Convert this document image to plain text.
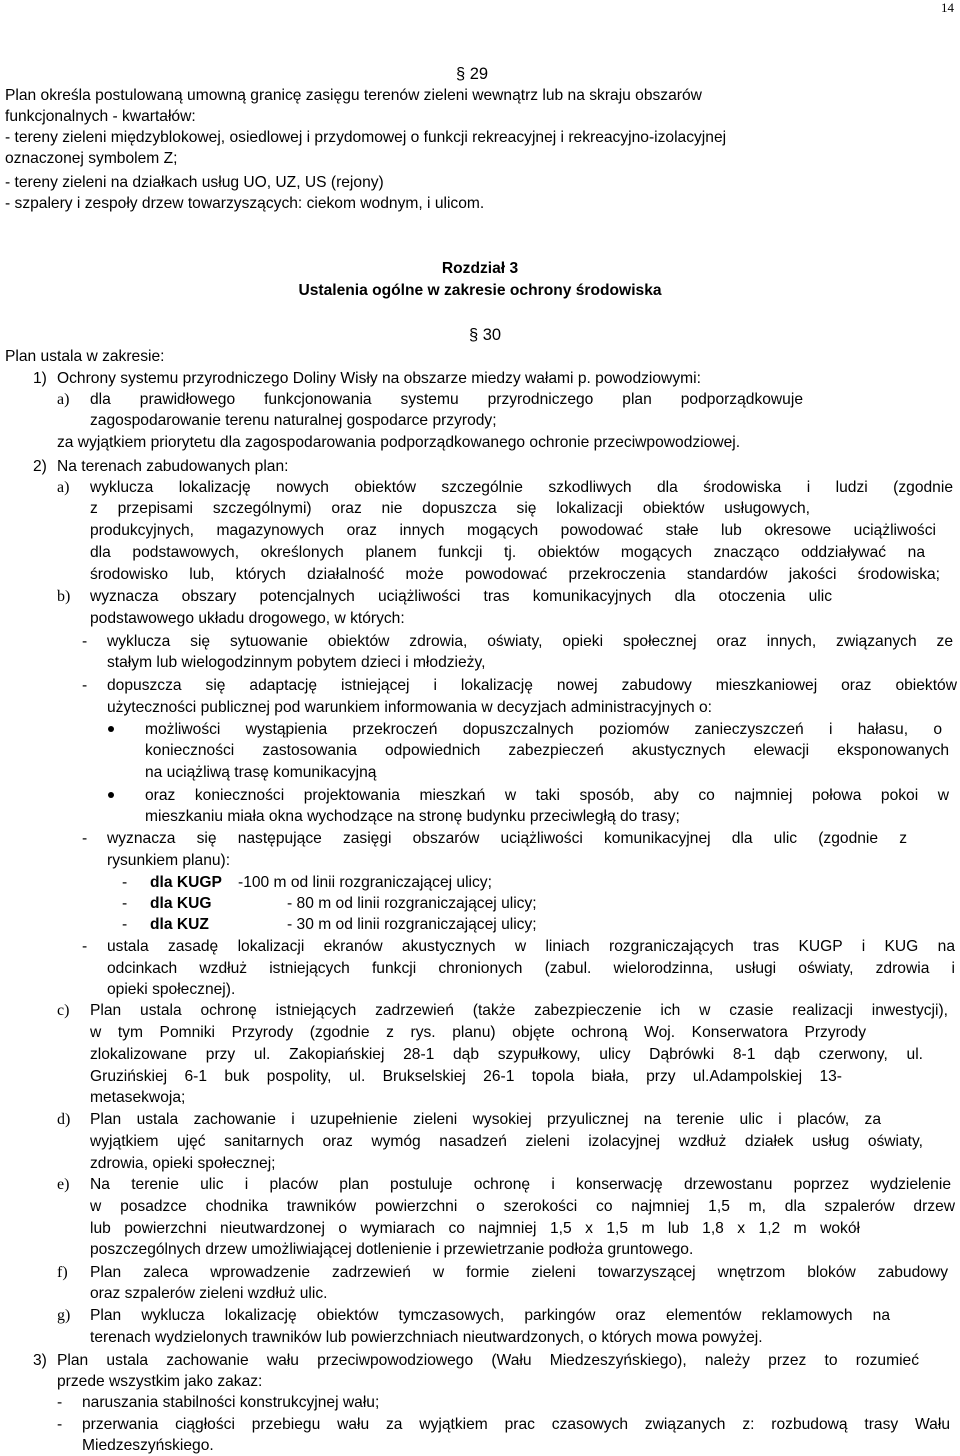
14
§ 29
Plan określa postulowaną umowną granicę zasięgu terenów zieleni wewnątrz lub na skraju obszarów
funkcjonalnych - kwartałów:
- tereny zieleni międzyblokowej, osiedlowej i przydomowej o funkcji rekreacyjnej i rekreacyjno-izolacyjnej
oznaczonej symbolem Z;
- tereny zieleni na działkach usług UO, UZ, US (rejony)
- szpalery i zespoły drzew towarzyszących: ciekom wodnym, i ulicom.
Rozdział 3
Ustalenia ogólne w zakresie ochrony środowiska
§ 30
Plan ustala w zakresie:
1) Ochrony systemu przyrodniczego Doliny Wisły na obszarze miedzy wałami p. powodziowymi:
a) dla prawidłowego funkcjonowania systemu przyrodniczego plan podporządkowuje
zagospodarowanie terenu naturalnej gospodarce przyrody;
za wyjątkiem priorytetu dla zagospodarowania podporządkowanego ochronie przeciwpowodziowej.
2) Na terenach zabudowanych plan:
a) wyklucza lokalizację nowych obiektów szczególnie szkodliwych dla środowiska i ludzi (zgodnie
z przepisami szczególnymi) oraz nie dopuszcza się lokalizacji obiektów usługowych,
produkcyjnych, magazynowych oraz innych mogących powodować stałe lub okresowe uciążliwości
dla podstawowych, określonych planem funkcji tj. obiektów mogących znacząco oddziaływać na
środowisko lub, których działalność może powodować przekroczenia standardów jakości środowiska;
b) wyznacza obszary potencjalnych uciążliwości tras komunikacyjnych dla otoczenia ulic
podstawowego układu drogowego, w których:
- wyklucza się sytuowanie obiektów zdrowia, oświaty, opieki społecznej oraz innych, związanych ze
stałym lub wielogodzinnym pobytem dzieci i młodzieży,
- dopuszcza się adaptację istniejącej i lokalizację nowej zabudowy mieszkaniowej oraz obiektów
użyteczności publicznej pod warunkiem informowania w decyzjach administracyjnych o:
możliwości wystąpienia przekroczeń dopuszczalnych poziomów zanieczyszczeń i hałasu, o
konieczności zastosowania odpowiednich zabezpieczeń akustycznych elewacji eksponowanych
na uciążliwą trasę komunikacyjną
oraz konieczności projektowania mieszkań w taki sposób, aby co najmniej połowa pokoi w
mieszkaniu miała okna wychodzące na stronę budynku przeciwległą do trasy;
- wyznacza się następujące zasięgi obszarów uciążliwości komunikacyjnej dla ulic (zgodnie z
rysunkiem planu):
- dla KUGP -100 m od linii rozgraniczającej ulicy;
- dla KUG	- 80 m od linii rozgraniczającej ulicy;
- dla KUZ	- 30 m od linii rozgraniczającej ulicy;
- ustala zasadę lokalizacji ekranów akustycznych w liniach rozgraniczających tras KUGP i KUG na
odcinkach wzdłuż istniejących funkcji chronionych (zabul. wielorodzinna, usługi oświaty, zdrowia i
opieki społecznej).
c) Plan ustala ochronę istniejących zadrzewień (także zabezpieczenie ich w czasie realizacji inwestycji),
w tym Pomniki Przyrody (zgodnie z rys. planu) objęte ochroną Woj. Konserwatora Przyrody
zlokalizowane przy ul. Zakopiańskiej 28-1 dąb szypułkowy, ulicy Dąbrówki 8-1 dąb czerwony, ul.
Gruzińskiej 6-1 buk pospolity, ul. Brukselskiej 26-1 topola biała, przy ul.Adampolskiej 13-
metasekwoja;
d) Plan ustala zachowanie i uzupełnienie zieleni wysokiej przyulicznej na terenie ulic i placów, za
wyjątkiem ujęć sanitarnych oraz wymóg nasadzeń zieleni izolacyjnej wzdłuż działek usług oświaty,
zdrowia, opieki społecznej;
e) Na terenie ulic i placów plan postuluje ochronę i konserwację drzewostanu poprzez wydzielenie
w posadzce chodnika trawników powierzchni o szerokości co najmniej 1,5 m, dla szpalerów drzew
lub powierzchni nieutwardzonej o wymiarach co najmniej 1,5 x 1,5 m lub 1,8 x 1,2 m wokół
poszczególnych drzew umożliwiającej dotlenienie i przewietrzanie podłoża gruntowego.
f) Plan zaleca wprowadzenie zadrzewień w formie zieleni towarzyszącej wnętrzom bloków zabudowy
oraz szpalerów zieleni wzdłuż ulic.
g) Plan wyklucza lokalizację obiektów tymczasowych, parkingów oraz elementów reklamowych na
terenach wydzielonych trawników lub powierzchniach nieutwardzonych, o których mowa powyżej.
3) Plan ustala zachowanie wału przeciwpowodziowego (Wału Miedzeszyńskiego), należy przez to rozumieć
przede wszystkim jako zakaz:
- naruszania stabilności konstrukcyjnej wału;
- przerwania ciągłości przebiegu wału za wyjątkiem prac czasowych związanych z: rozbudową trasy Wału
Miedzeszyńskiego.
